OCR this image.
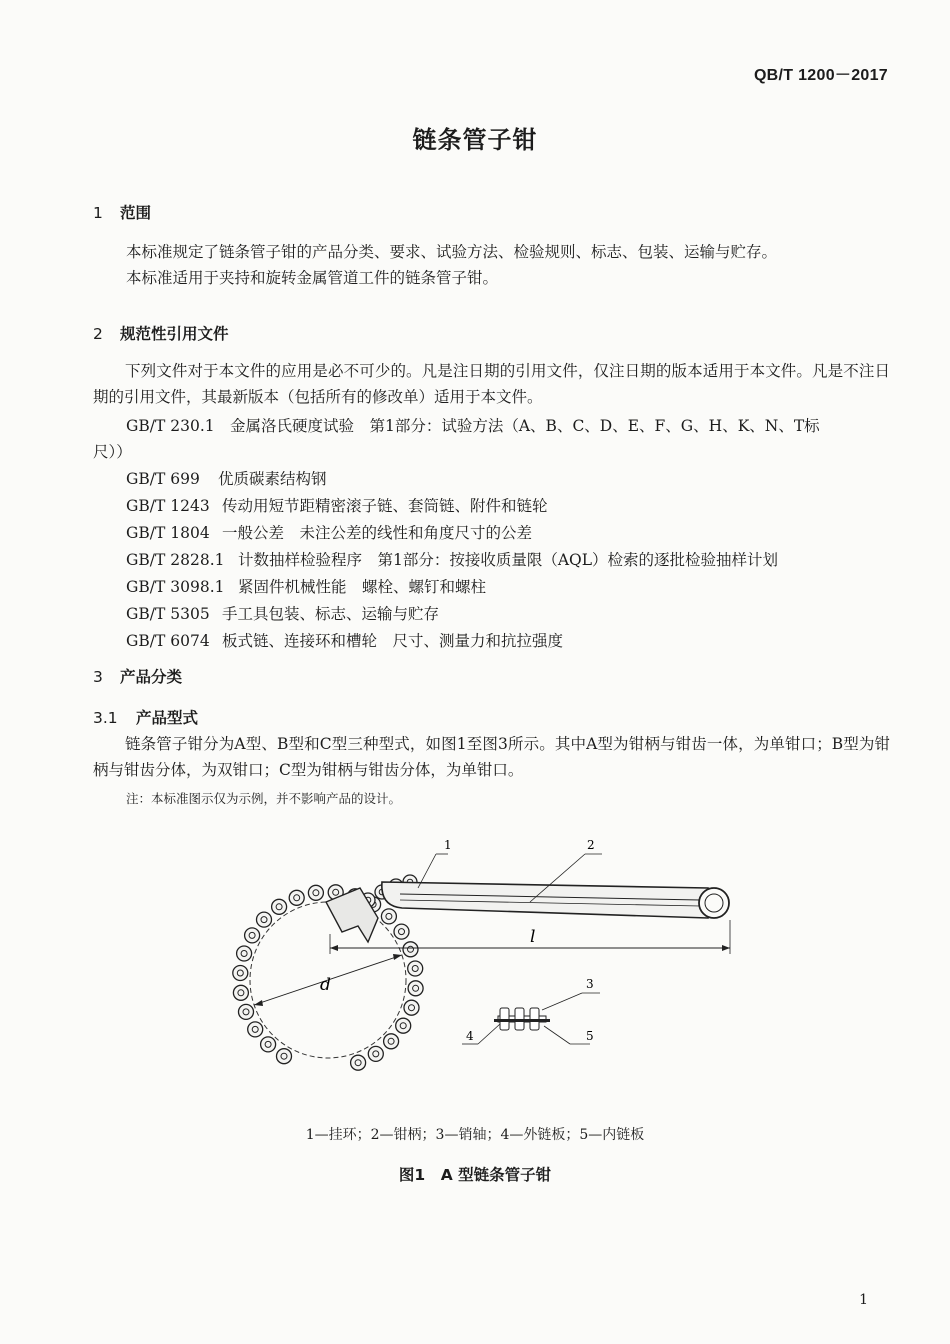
QB/T 1200－2017
链条管子钳
1 范围
本标准规定了链条管子钳的产品分类、要求、试验方法、检验规则、标志、包装、运输与贮存。
本标准适用于夹持和旋转金属管道工件的链条管子钳。
2 规范性引用文件
下列文件对于本文件的应用是必不可少的。凡是注日期的引用文件，仅注日期的版本适用于本文件。凡是不注日期的引用文件，其最新版本（包括所有的修改单）适用于本文件。
GB/T 230.1 金属洛氏硬度试验　第1部分：试验方法（A、B、C、D、E、F、G、H、K、N、T标
尺））
GB/T 699 优质碳素结构钢
GB/T 1243 传动用短节距精密滚子链、套筒链、附件和链轮
GB/T 1804 一般公差　未注公差的线性和角度尺寸的公差
GB/T 2828.1 计数抽样检验程序　第1部分：按接收质量限（AQL）检索的逐批检验抽样计划
GB/T 3098.1 紧固件机械性能　螺栓、螺钉和螺柱
GB/T 5305 手工具包装、标志、运输与贮存
GB/T 6074 板式链、连接环和槽轮　尺寸、测量力和抗拉强度
3 产品分类
3.1 产品型式
链条管子钳分为A型、B型和C型三种型式，如图1至图3所示。其中A型为钳柄与钳齿一体，为单钳口；B型为钳柄与钳齿分体，为双钳口；C型为钳柄与钳齿分体，为单钳口。
注：本标准图示仅为示例，并不影响产品的设计。
l
d
1	2
3
4	5
1—挂环；2—钳柄；3—销轴；4—外链板；5—内链板
图1　A 型链条管子钳
1
